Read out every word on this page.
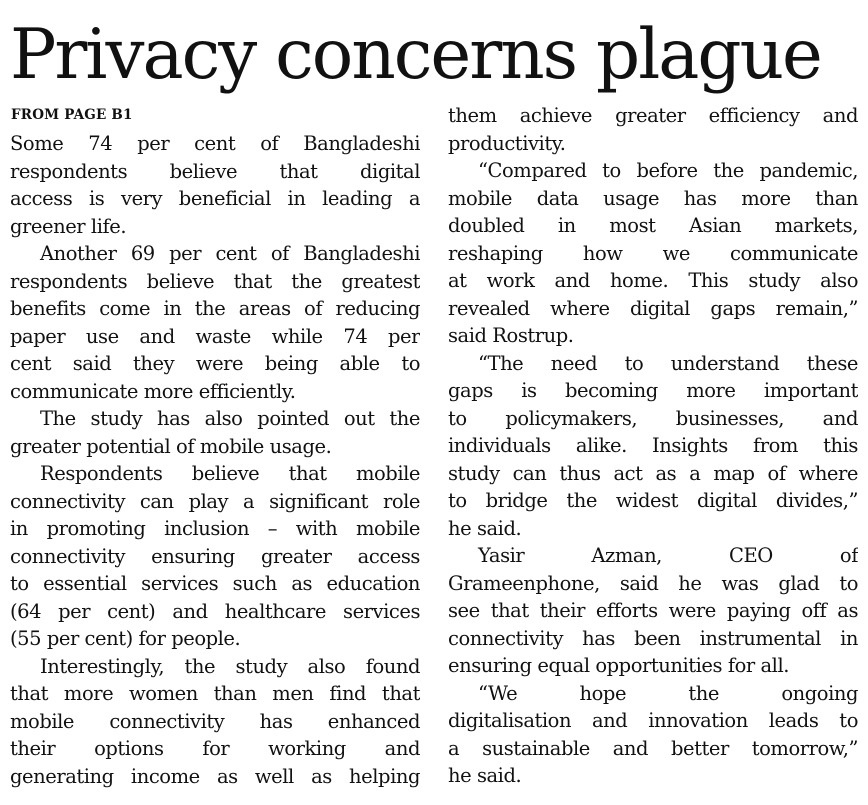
Privacy concerns plague
FROM PAGE B1
Some 74 per cent of Bangladeshi
respondents believe that digital
access is very beneficial in leading a
greener life.
Another 69 per cent of Bangladeshi
respondents believe that the greatest
benefits come in the areas of reducing
paper use and waste while 74 per
cent said they were being able to
communicate more efficiently.
The study has also pointed out the
greater potential of mobile usage.
Respondents believe that mobile
connectivity can play a significant role
in promoting inclusion – with mobile
connectivity ensuring greater access
to essential services such as education
(64 per cent) and healthcare services
(55 per cent) for people.
Interestingly, the study also found
that more women than men find that
mobile connectivity has enhanced
their options for working and
generating income as well as helping
them achieve greater efficiency and
productivity.
“Compared to before the pandemic,
mobile data usage has more than
doubled in most Asian markets,
reshaping how we communicate
at work and home. This study also
revealed where digital gaps remain,”
said Rostrup.
“The need to understand these
gaps is becoming more important
to policymakers, businesses, and
individuals alike. Insights from this
study can thus act as a map of where
to bridge the widest digital divides,”
he said.
Yasir Azman, CEO of
Grameenphone, said he was glad to
see that their efforts were paying off as
connectivity has been instrumental in
ensuring equal opportunities for all.
“We hope the ongoing
digitalisation and innovation leads to
a sustainable and better tomorrow,”
he said.
